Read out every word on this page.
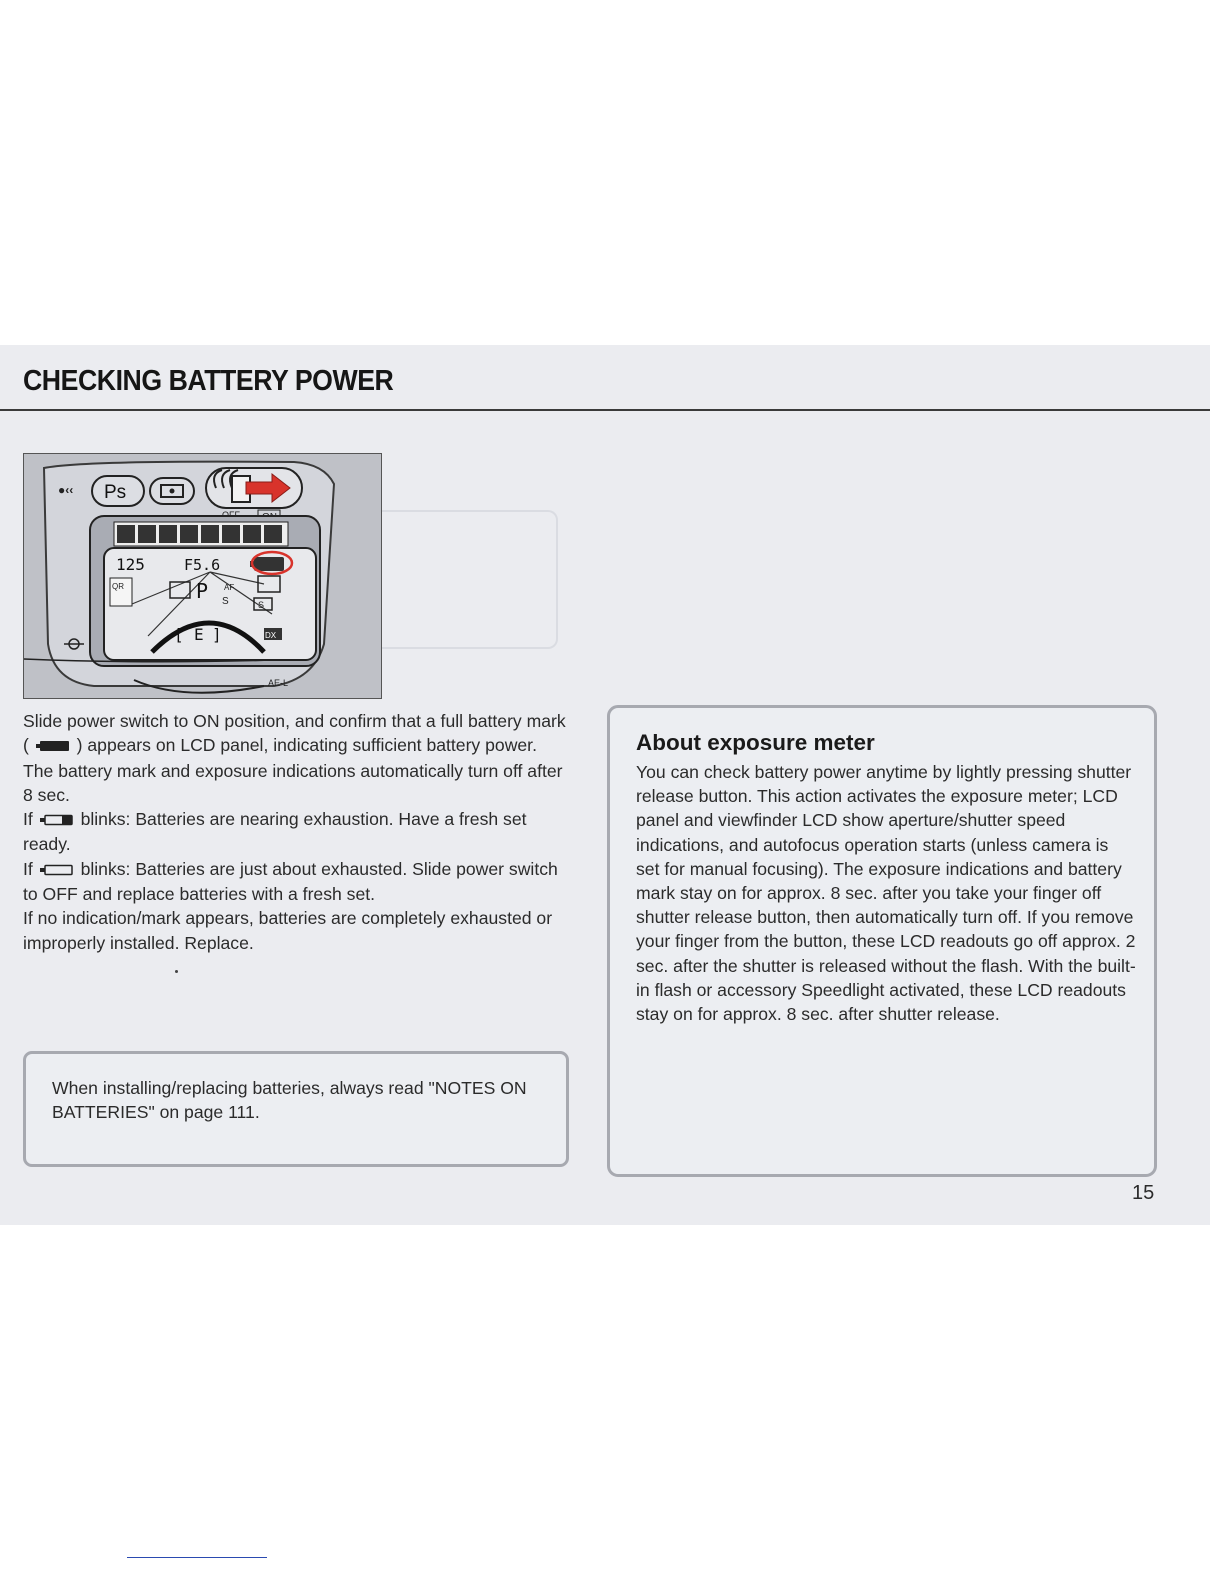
CHECKING BATTERY POWER
●‹‹ Ps
125	F5.6
QR	P AF
S	S
[ E ]	DX
AE-L

Slide power switch to ON position, and confirm that a full battery mark (	) appears on LCD panel, indicating sufficient battery power. The battery mark and exposure indications automatically turn off after 8 sec.

If	blinks: Batteries are nearing exhaustion. Have a fresh set ready.

If	blinks: Batteries are just about exhausted. Slide power switch to OFF and replace batteries with a fresh set.

If no indication/mark appears, batteries are completely exhausted or improperly installed. Replace.

When installing/replacing batteries, always read "NOTES ON BATTERIES" on page 111.

About exposure meter

You can check battery power anytime by lightly pressing shutter release button. This action activates the exposure meter; LCD panel and viewfinder LCD show aperture/shutter speed indications, and autofocus operation starts (unless camera is set for manual focusing). The exposure indications and battery mark stay on for approx. 8 sec. after you take your finger off shutter release button, then automatically turn off. If you remove your finger from the button, these LCD readouts go off approx. 2 sec. after the shutter is released without the flash. With the built-in flash or accessory Speedlight activated, these LCD readouts stay on for approx. 8 sec. after shutter release.

15
